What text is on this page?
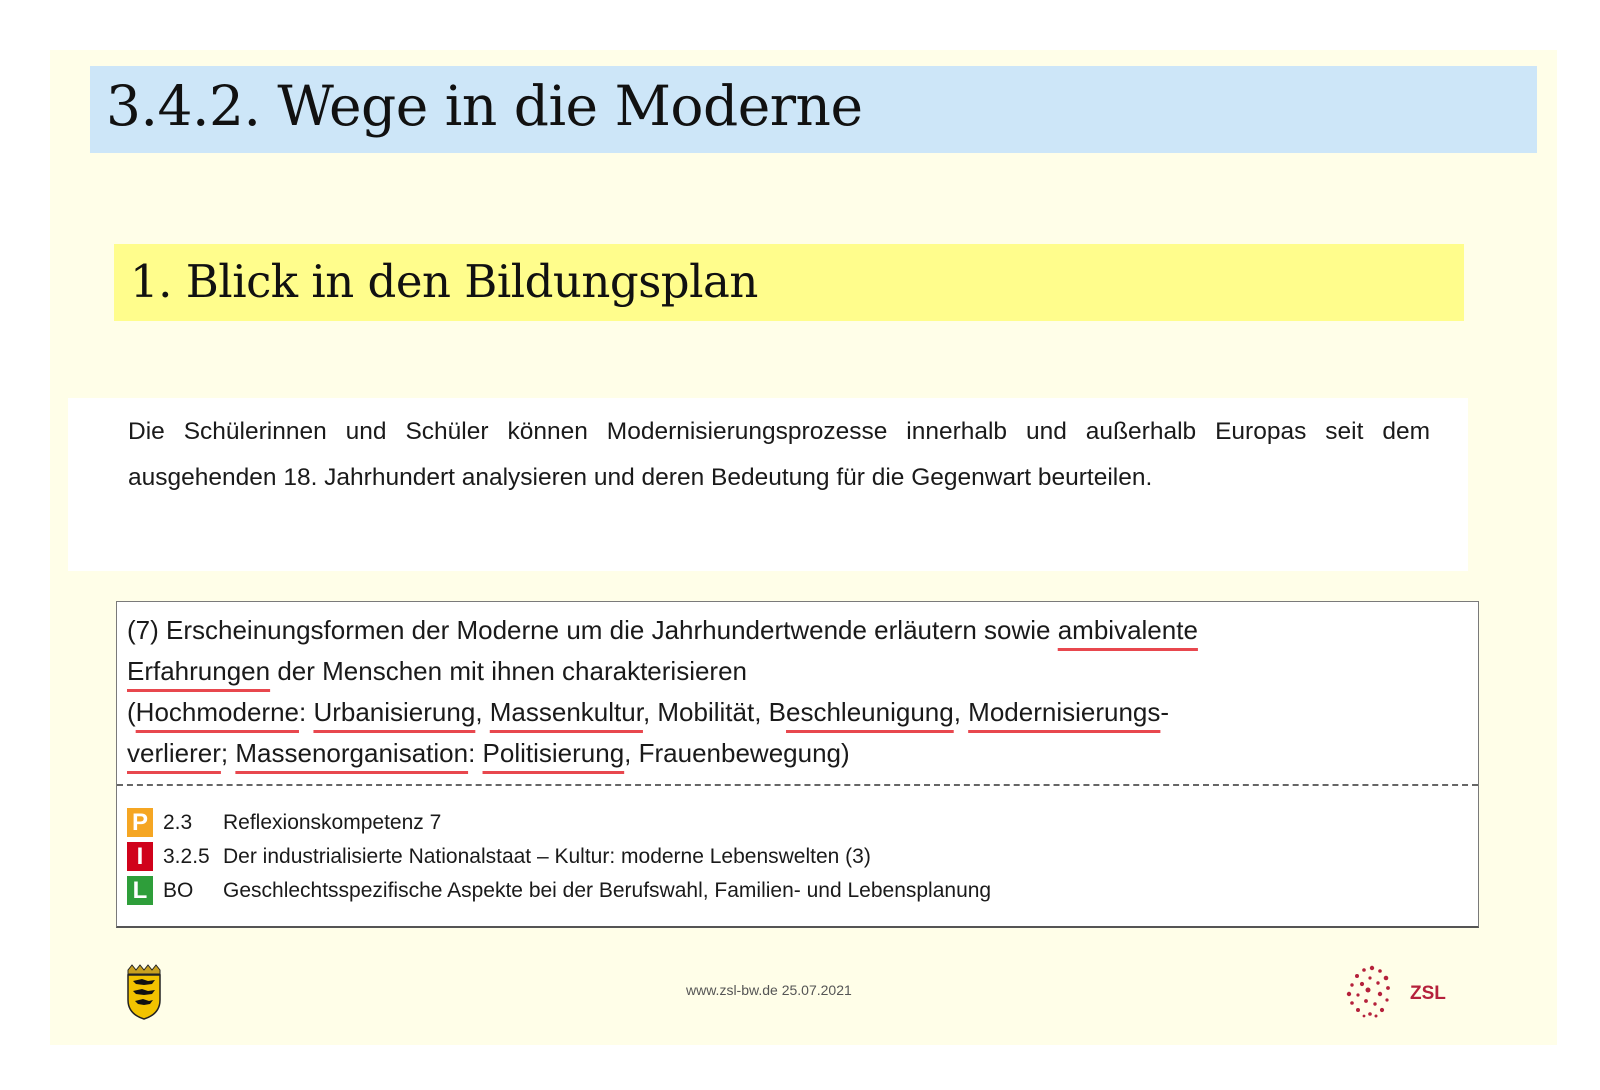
3.4.2. Wege in die Moderne
1. Blick in den Bildungsplan
Die Schülerinnen und Schüler können Modernisierungsprozesse innerhalb und außerhalb Europas seit dem ausgehenden 18. Jahrhundert analysieren und deren Bedeutung für die Gegenwart beurteilen.
(7) Erscheinungsformen der Moderne um die Jahrhundertwende erläutern sowie ambivalente
Erfahrungen der Menschen mit ihnen charakterisieren
(Hochmoderne: Urbanisierung, Massenkultur, Mobilität, Beschleunigung, Modernisierungs-
verlierer; Massenorganisation: Politisierung, Frauenbewegung)
P 2.3 Reflexionskompetenz 7
I 3.2.5 Der industrialisierte Nationalstaat – Kultur: moderne Lebenswelten (3)
L BO Geschlechtsspezifische Aspekte bei der Berufswahl, Familien- und Lebensplanung
www.zsl-bw.de 25.07.2021	ZSL
